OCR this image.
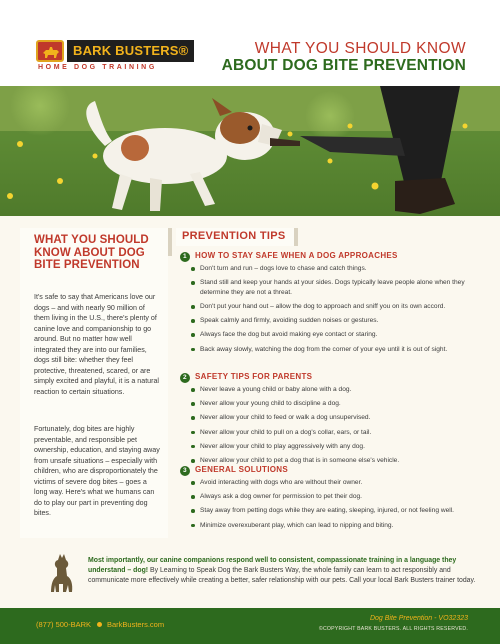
BARK BUSTERS®
HOME DOG TRAINING
WHAT YOU SHOULD KNOW
ABOUT DOG BITE PREVENTION
WHAT YOU SHOULD KNOW ABOUT DOG BITE PREVENTION

It's safe to say that Americans love our dogs – and with nearly 90 million of them living in the U.S., there's plenty of canine love and companionship to go around. But no matter how well integrated they are into our families, dogs still bite: whether they feel protective, threatened, scared, or are simply excited and playful, it is a natural reaction to certain situations.

Fortunately, dog bites are highly preventable, and responsible pet ownership, education, and staying away from unsafe situations – especially with children, who are disproportionately the victims of severe dog bites – goes a long way. Here's what we humans can do to play our part in preventing dog bites.

PREVENTION TIPS
1 HOW TO STAY SAFE WHEN A DOG APPROACHES
Don't turn and run – dogs love to chase and catch things.
Stand still and keep your hands at your sides. Dogs typically leave people alone when they determine they are not a threat.
Don't put your hand out – allow the dog to approach and sniff you on its own accord.
Speak calmly and firmly, avoiding sudden noises or gestures.
Always face the dog but avoid making eye contact or staring.
Back away slowly, watching the dog from the corner of your eye until it is out of sight.
2 SAFETY TIPS FOR PARENTS
Never leave a young child or baby alone with a dog.
Never allow your young child to discipline a dog.
Never allow your child to feed or walk a dog unsupervised.
Never allow your child to pull on a dog's collar, ears, or tail.
Never allow your child to play aggressively with any dog.
Never allow your child to pet a dog that is in someone else's vehicle.
3 GENERAL SOLUTIONS
Avoid interacting with dogs who are without their owner.
Always ask a dog owner for permission to pet their dog.
Stay away from petting dogs while they are eating, sleeping, injured, or not feeling well.
Minimize overexuberant play, which can lead to nipping and biting.

Most importantly, our canine companions respond well to consistent, compassionate training in a language they understand – dog! By Learning to Speak Dog the Bark Busters Way, the whole family can learn to act responsibly and communicate more effectively while creating a better, safer relationship with our pets. Call your local Bark Busters trainer today.

(877) 500-BARK BarkBusters.com
Dog Bite Prevention - VO32323
©COPYRIGHT BARK BUSTERS. ALL RIGHTS RESERVED.
